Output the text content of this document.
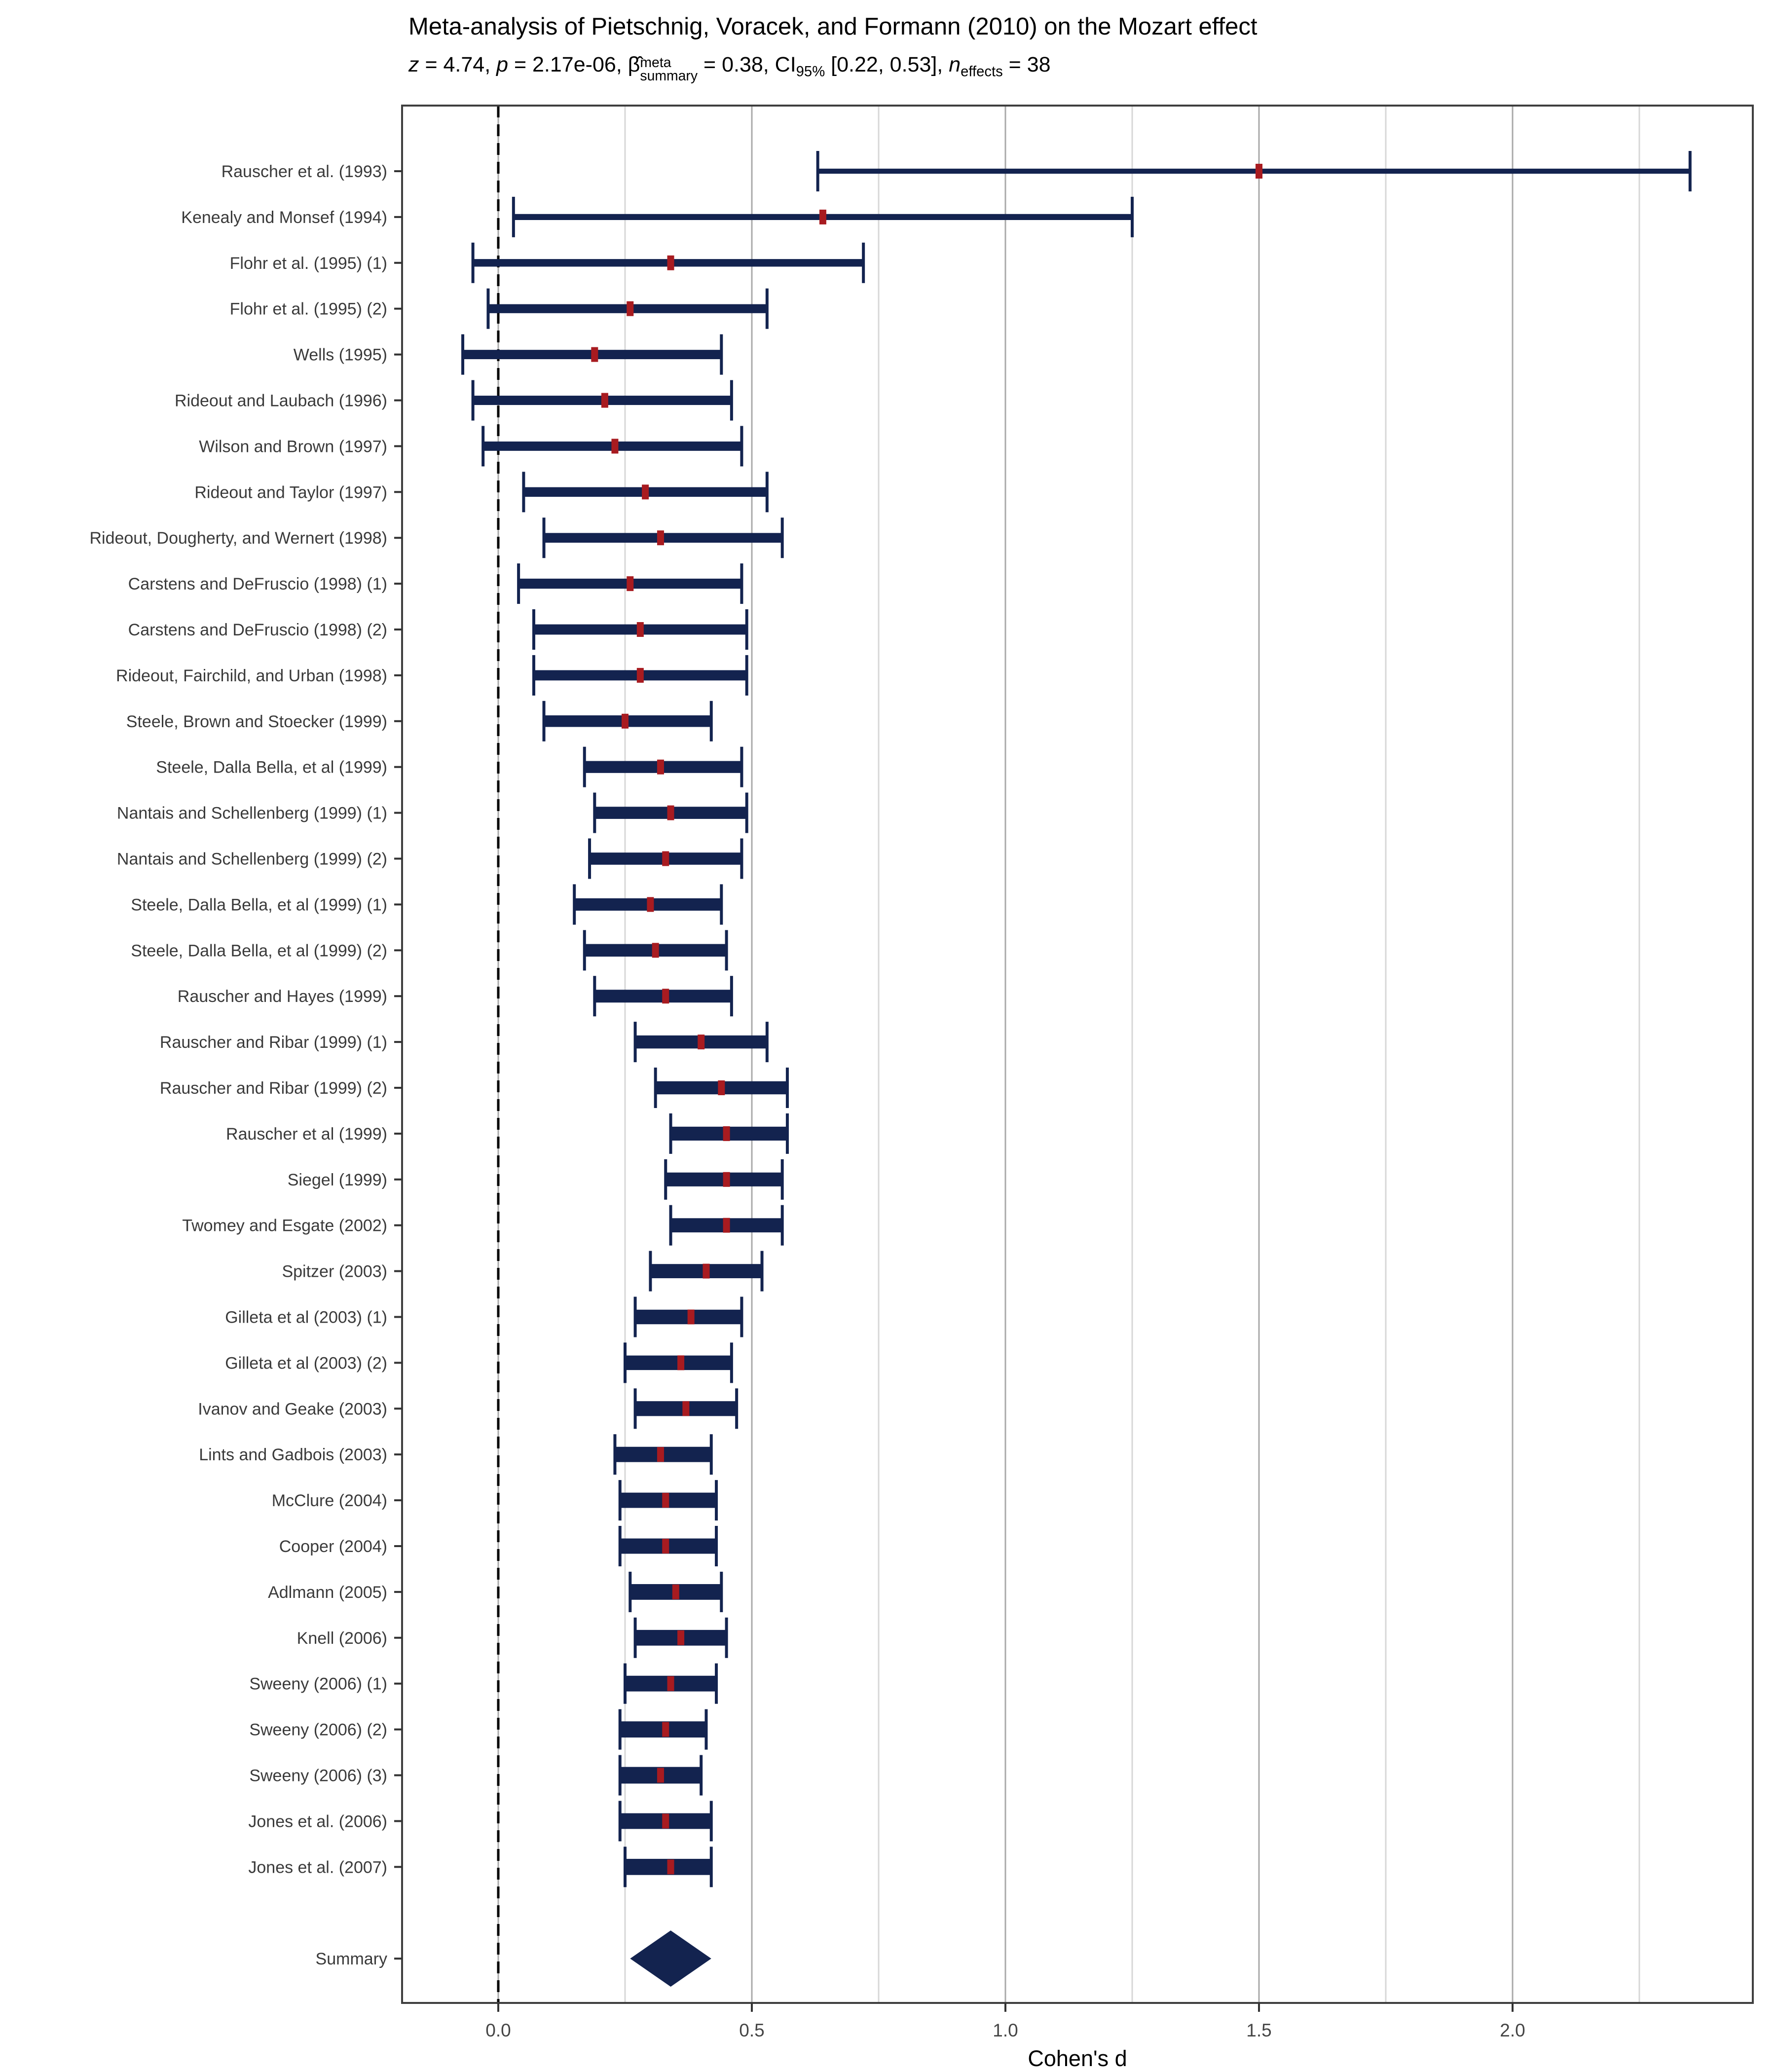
Meta-analysis of Pietschnig, Voracek, and Formann (2010) on the Mozart effect
z = 4.74, p = 2.17e-06, β̂ meta
summary = 0.38, $CI_{95\%}$ [0.22, 0.53], $n_{effects} = 38$
Rauscher et al. (1993)
Kenealy and Monsef (1994)
Flohr et al. (1995) (1)
Flohr et al. (1995) (2)
Wells (1995)
Rideout and Laubach (1996)
Wilson and Brown (1997)
Rideout and Taylor (1997)
Rideout, Dougherty, and Wernert (1998)
Carstens and DeFruscio (1998) (1)
Carstens and DeFruscio (1998) (2)
Rideout, Fairchild, and Urban (1998)
Steele, Brown and Stoecker (1999)
Steele, Dalla Bella, et al (1999)
Nantais and Schellenberg (1999) (1)
Nantais and Schellenberg (1999) (2)
Steele, Dalla Bella, et al (1999) (1)
Steele, Dalla Bella, et al (1999) (2)
Rauscher and Hayes (1999)
Rauscher and Ribar (1999) (1)
Rauscher and Ribar (1999) (2)
Rauscher et al (1999)
Siegel (1999)
Twomey and Esgate (2002)
Spitzer (2003)
Gilleta et al (2003) (1)
Gilleta et al (2003) (2)
Ivanov and Geake (2003)
Lints and Gadbois (2003)
McClure (2004)
Cooper (2004)
Adlmann (2005)
Knell (2006)
Sweeny (2006) (1)
Sweeny (2006) (2)
Sweeny (2006) (3)
Jones et al. (2006)
Jones et al. (2007)
Summary
0.0	0.5	1.0	1.5	2.0
Cohen's d
